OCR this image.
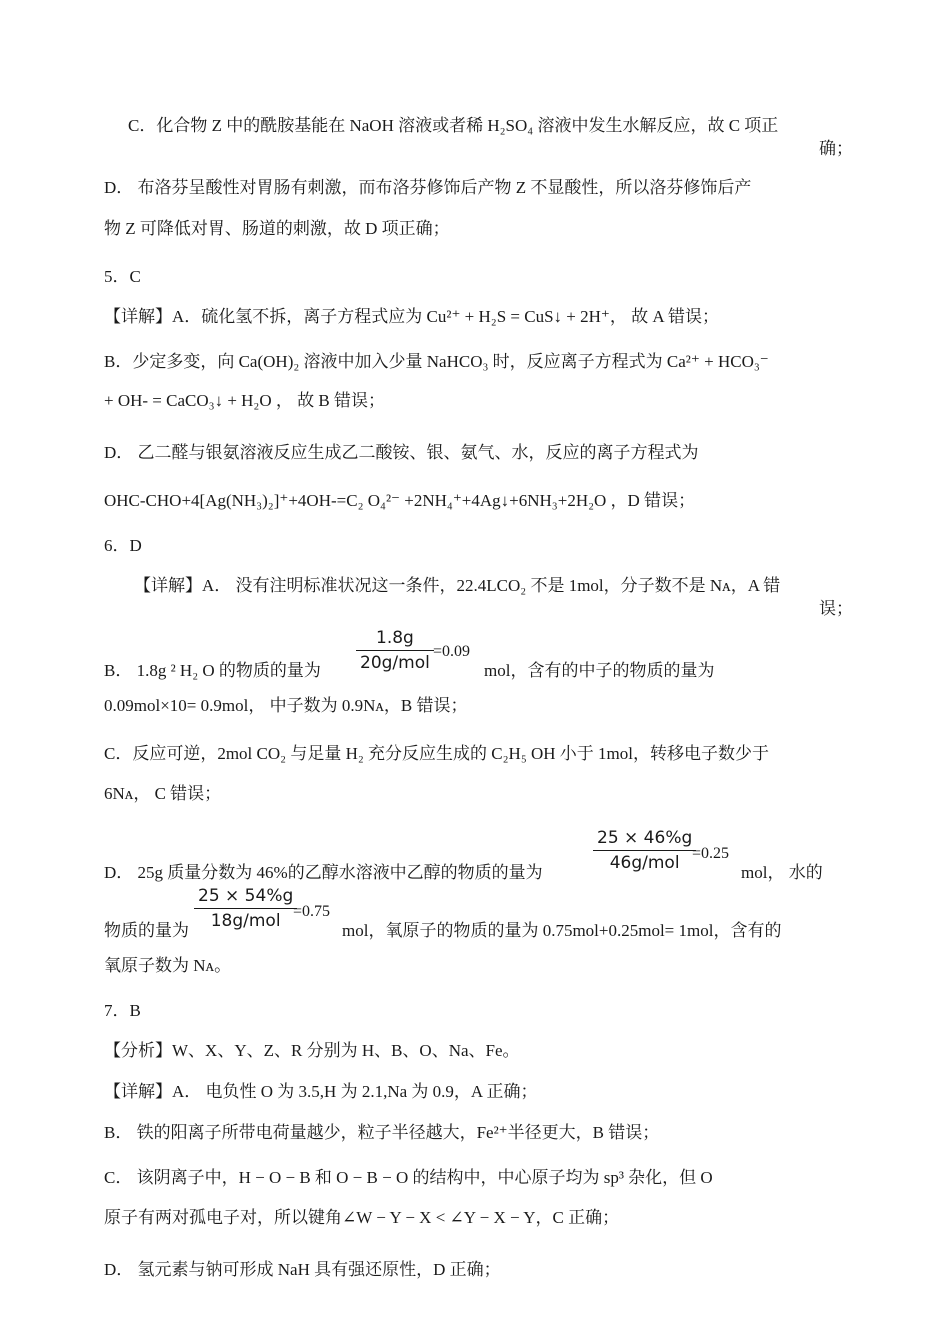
C．化合物 Z 中的酰胺基能在 NaOH 溶液或者稀 H₂SO₄ 溶液中发生水解反应，故 C 项正
确；
D． 布洛芬呈酸性对胃肠有刺激，而布洛芬修饰后产物 Z 不显酸性，所以洛芬修饰后产
物 Z 可降低对胃、肠道的刺激，故 D 项正确；
5．C
【详解】A．硫化氢不拆，离子方程式应为 Cu²⁺ + H₂S = CuS↓ + 2H⁺， 故 A 错误；
B．少定多变，向 Ca(OH)₂ 溶液中加入少量 NaHCO₃ 时，反应离子方程式为 Ca²⁺ + HCO₃⁻
+ OH- = CaCO₃↓ + H₂O ， 故 B 错误；
D． 乙二醛与银氨溶液反应生成乙二酸铵、银、氨气、水，反应的离子方程式为
OHC-CHO+4[Ag(NH₃)₂]⁺+4OH-=C₂ O₄²⁻ +2NH₄⁺+4Ag↓+6NH₃+2H₂O ，D 错误；
6．D
【详解】A． 没有注明标准状况这一条件，22.4LCO₂ 不是 1mol，分子数不是 Nᴀ，A 错
误；
B． 1.8g ² H₂ O 的物质的量为
1.8g
20g/mol
=0.09
mol，含有的中子的物质的量为
0.09mol×10= 0.9mol， 中子数为 0.9Nᴀ，B 错误；
C．反应可逆，2mol CO₂ 与足量 H₂ 充分反应生成的 C₂H₅ OH 小于 1mol，转移电子数少于
6Nᴀ， C 错误；
D． 25g 质量分数为 46%的乙醇水溶液中乙醇的物质的量为
25 × 46%g
46g/mol =0.25
mol， 水的
物质的量为
25 × 54%g
18g/mol =0.75
mol，氧原子的物质的量为 0.75mol+0.25mol= 1mol，含有的
氧原子数为 Nᴀ。
7．B
【分析】W、X、Y、Z、R 分别为 H、B、O、Na、Fe。
【详解】A． 电负性 O 为 3.5,H 为 2.1,Na 为 0.9，A 正确；
B． 铁的阳离子所带电荷量越少，粒子半径越大，Fe²⁺半径更大，B 错误；
C． 该阴离子中，H − O − B 和 O − B − O 的结构中，中心原子均为 sp³ 杂化，但 O
原子有两对孤电子对，所以键角∠W − Y − X < ∠Y − X − Y，C 正确；
D． 氢元素与钠可形成 NaH 具有强还原性，D 正确；
